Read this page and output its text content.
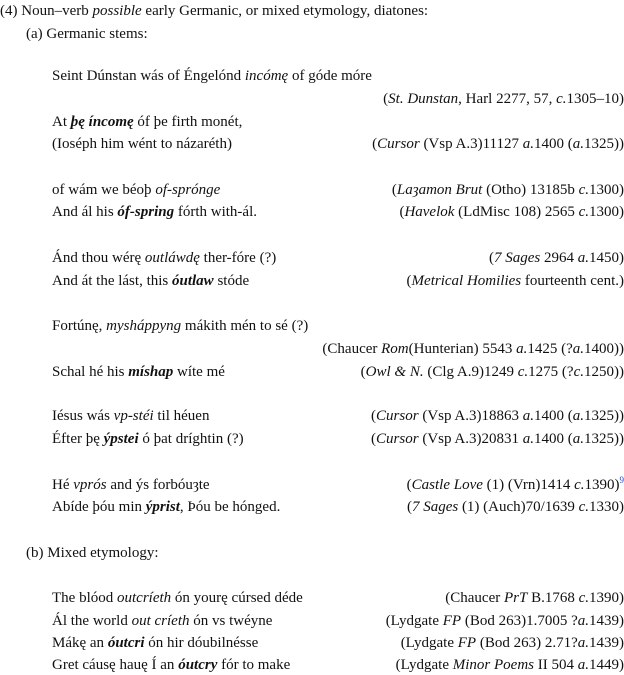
(4) Noun–verb possible early Germanic, or mixed etymology, diatones:
(a) Germanic stems:
Seint Dúnstan wás of Éngelónd incómę of góde móre
(St. Dunstan, Harl 2277, 57, c.1305–10)
At þę íncomę óf þe firth monét,
(Ioséph him wént to názaréth)	(Cursor (Vsp A.3)11127 a.1400 (a.1325))
of wám we béoþ of-sprónge	(Laȝamon Brut (Otho) 13185b c.1300)
And ál his óf-spring fórth with-ál.	(Havelok (LdMisc 108) 2565 c.1300)
Ánd thou wérę outláwdę ther-fóre (?)	(7 Sages 2964 a.1450)
And át the lást, this óutlaw stóde	(Metrical Homilies fourteenth cent.)
Fortúnę, mysháppyng mákith mén to sé (?)
(Chaucer Rom(Hunterian) 5543 a.1425 (?a.1400))
Schal hé his míshap wíte mé	(Owl & N. (Clg A.9)1249 c.1275 (?c.1250))
Iésus wás vp-stéi til héuen	(Cursor (Vsp A.3)18863 a.1400 (a.1325))
Éfter þę ýpstei ó þat dríghtin (?)	(Cursor (Vsp A.3)20831 a.1400 (a.1325))
Hé vprós and ýs forbóuȝte	(Castle Love (1) (Vrn)1414 c.1390)$^9$
Abíde þóu min ýprist, Þóu be hónged.	(7 Sages (1) (Auch)70/1639 c.1330)
(b) Mixed etymology:
The blóod outcríeth ón yourę cúrsed déde	(Chaucer PrT B.1768 c.1390)
Ál the world out críeth ón vs twéyne	(Lydgate FP (Bod 263)1.7005 ?a.1439)
Mákę an óutcri ón hir dóubilnésse	(Lydgate FP (Bod 263) 2.71?a.1439)
Gret cáusę hauę Í an óutcry fór to make	(Lydgate Minor Poems II 504 a.1449)
